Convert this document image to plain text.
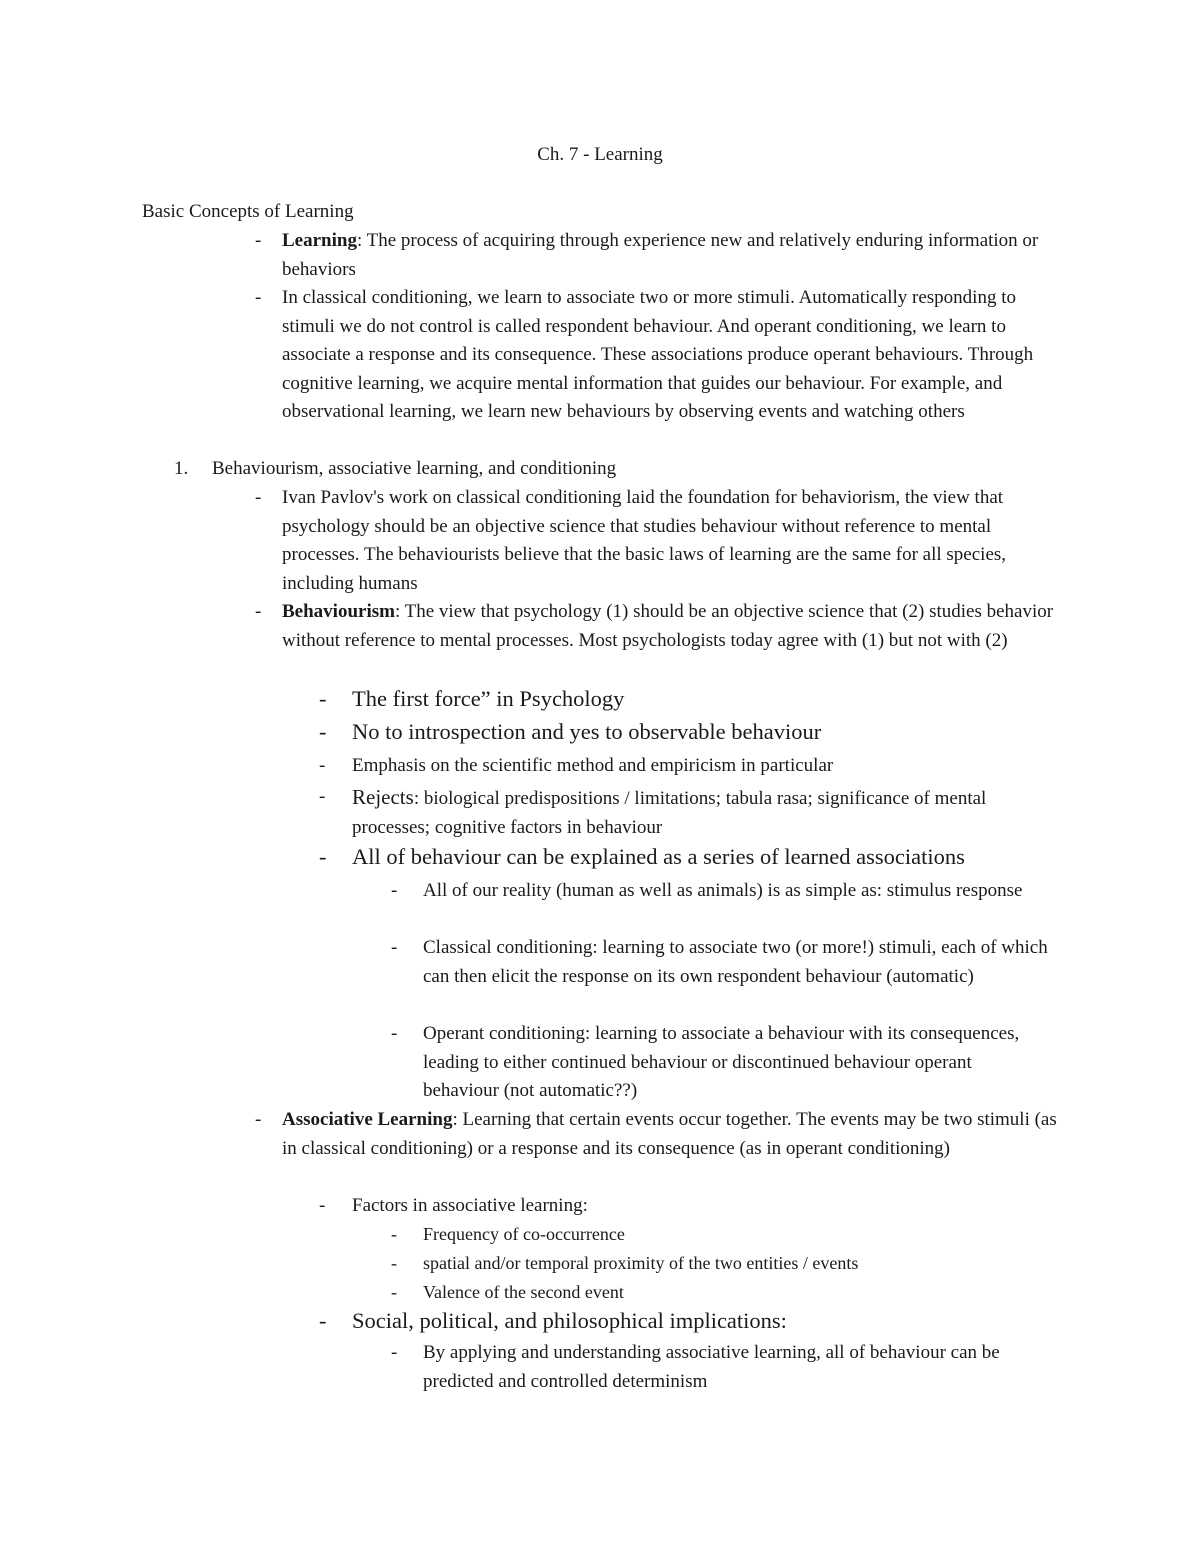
Ch. 7 - Learning
Basic Concepts of Learning
- Learning: The process of acquiring through experience new and relatively enduring information or behaviors
- In classical conditioning, we learn to associate two or more stimuli. Automatically responding to stimuli we do not control is called respondent behaviour. And operant conditioning, we learn to associate a response and its consequence. These associations produce operant behaviours. Through cognitive learning, we acquire mental information that guides our behaviour. For example, and observational learning, we learn new behaviours by observing events and watching others
1. Behaviourism, associative learning, and conditioning
- Ivan Pavlov's work on classical conditioning laid the foundation for behaviorism, the view that psychology should be an objective science that studies behaviour without reference to mental processes. The behaviourists believe that the basic laws of learning are the same for all species, including humans
- Behaviourism: The view that psychology (1) should be an objective science that (2) studies behavior without reference to mental processes. Most psychologists today agree with (1) but not with (2)
- The first force” in Psychology
- No to introspection and yes to observable behaviour
- Emphasis on the scientific method and empiricism in particular
- Rejects: biological predispositions / limitations; tabula rasa; significance of mental processes; cognitive factors in behaviour
- All of behaviour can be explained as a series of learned associations
- All of our reality (human as well as animals) is as simple as: stimulus response
- Classical conditioning: learning to associate two (or more!) stimuli, each of which can then elicit the response on its own respondent behaviour (automatic)
- Operant conditioning: learning to associate a behaviour with its consequences, leading to either continued behaviour or discontinued behaviour operant behaviour (not automatic??)
- Associative Learning: Learning that certain events occur together. The events may be two stimuli (as in classical conditioning) or a response and its consequence (as in operant conditioning)
- Factors in associative learning:
- Frequency of co-occurrence
- spatial and/or temporal proximity of the two entities / events
- Valence of the second event
- Social, political, and philosophical implications:
- By applying and understanding associative learning, all of behaviour can be predicted and controlled determinism
